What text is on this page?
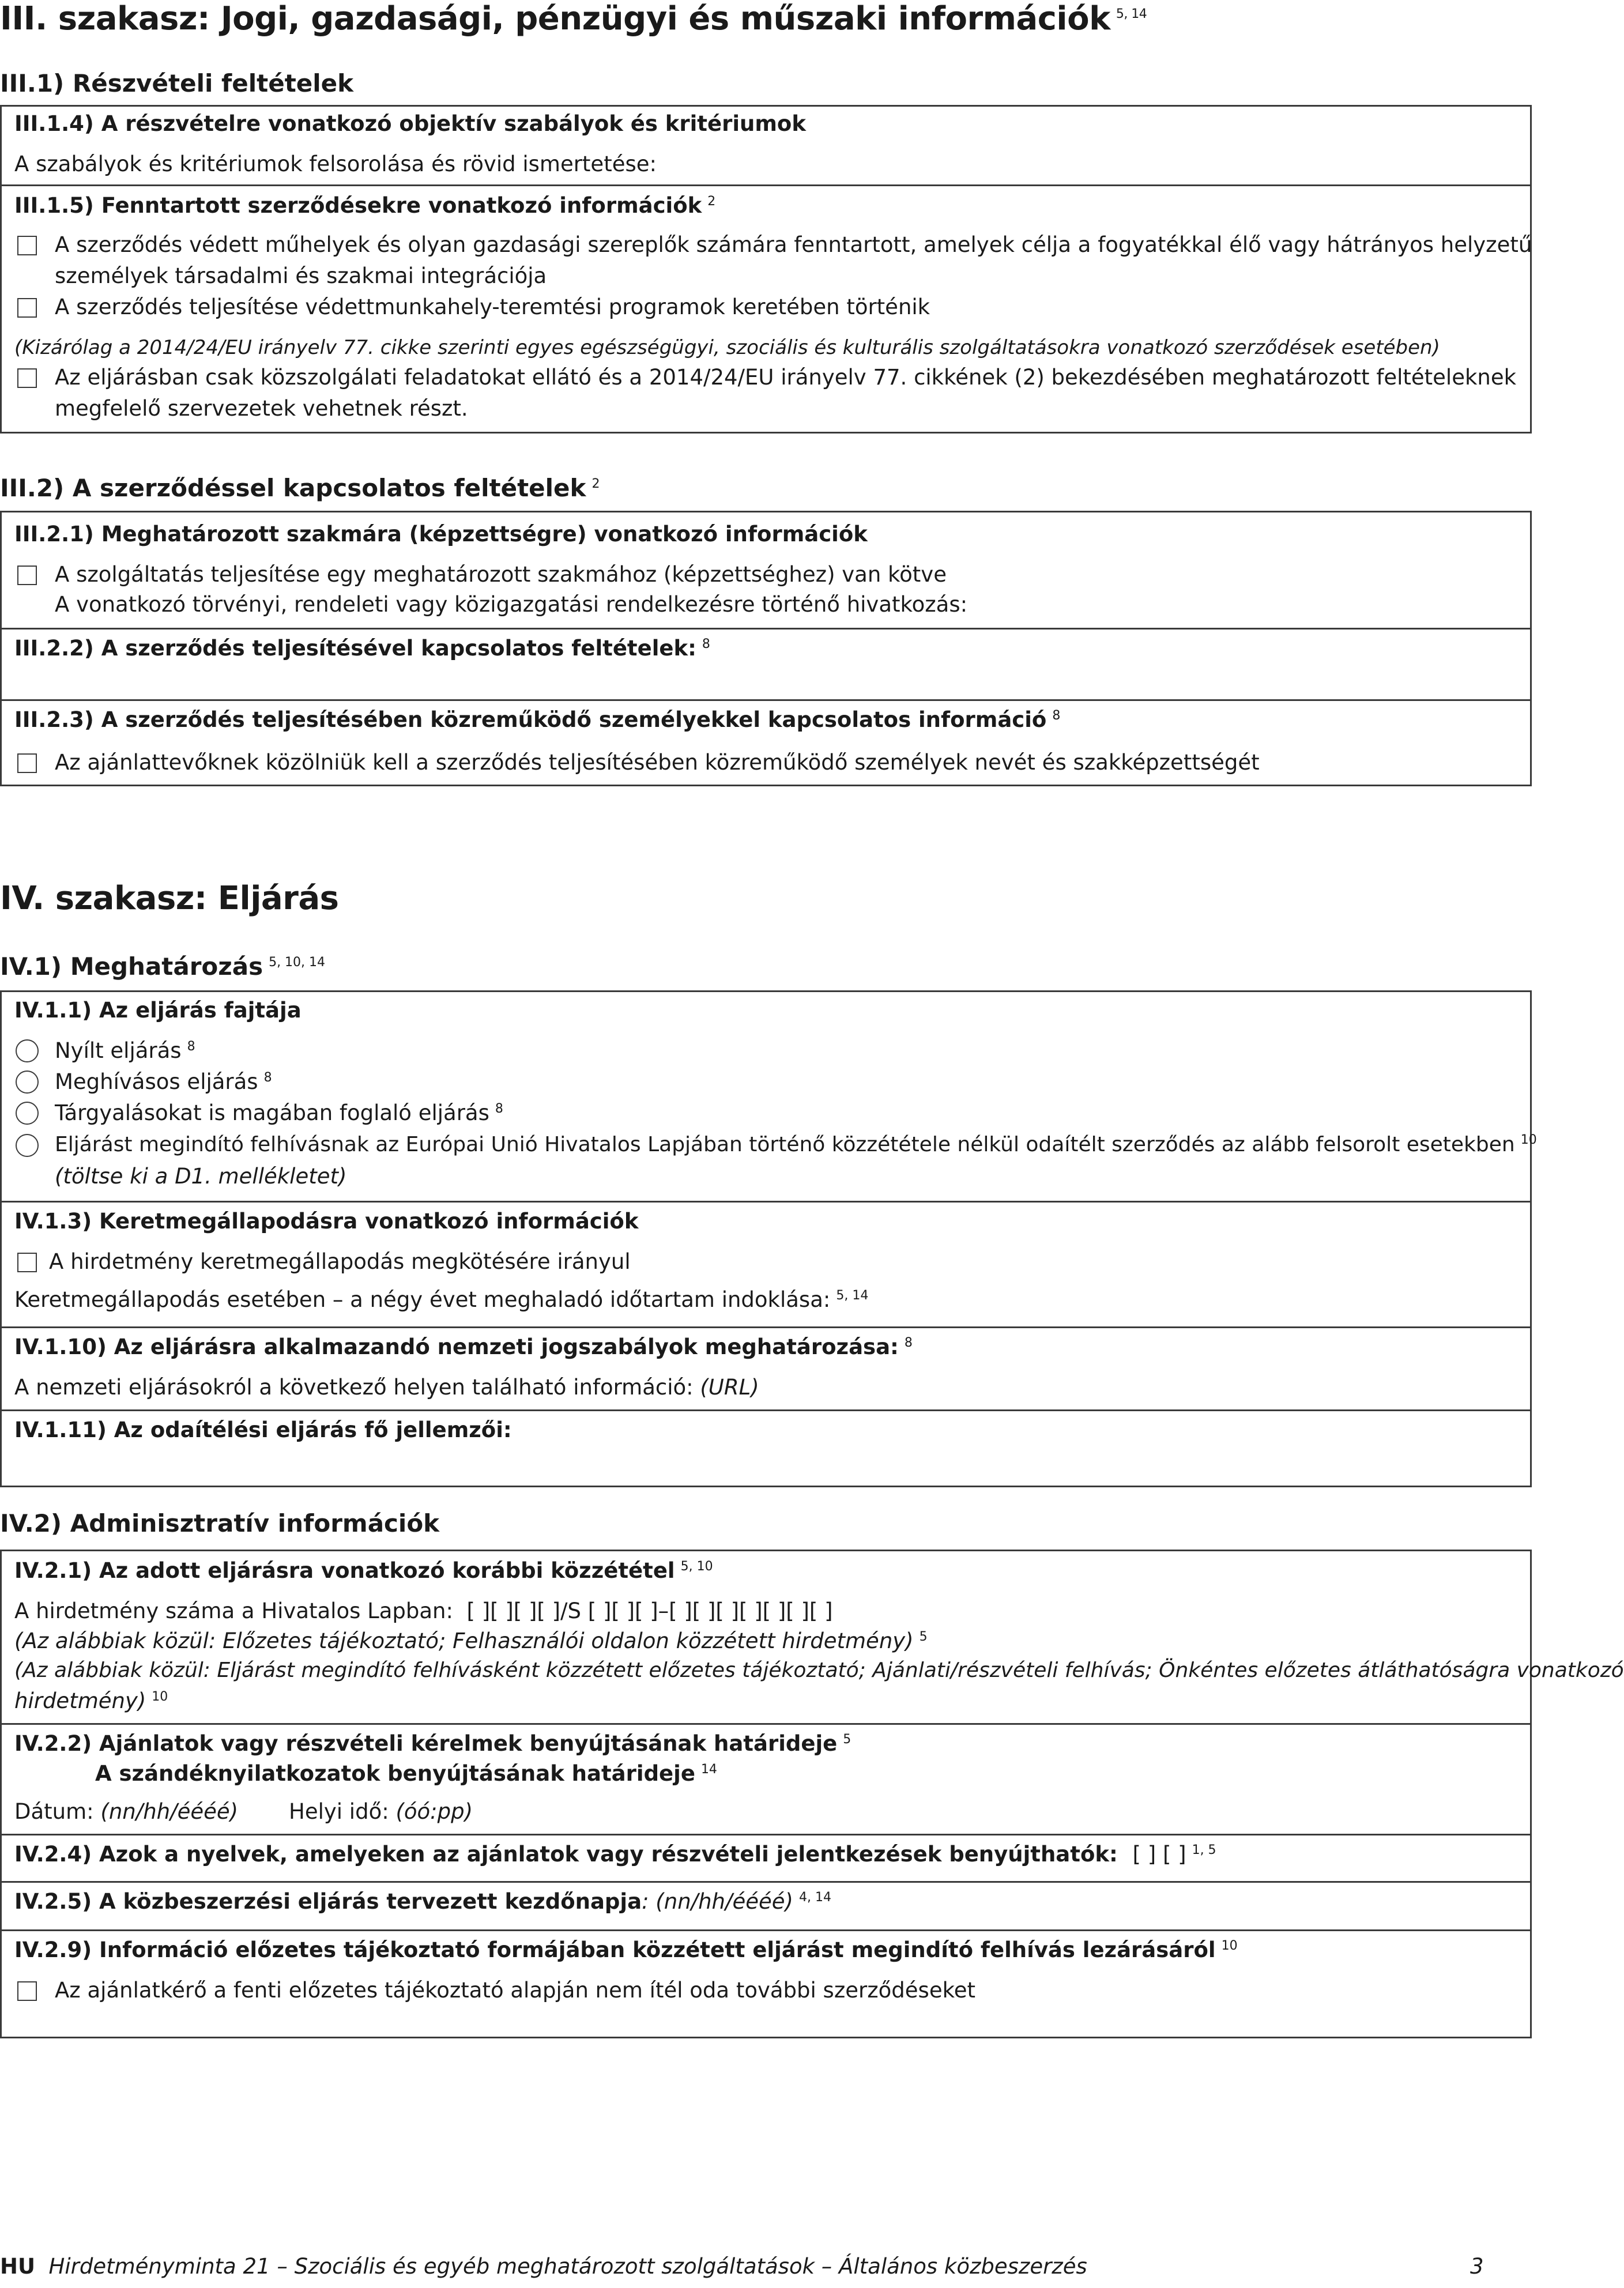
III. szakasz: Jogi, gazdasági, pénzügyi és műszaki információk $^{5, 14}$
III.1) Részvételi feltételek
III.1.4) A részvételre vonatkozó objektív szabályok és kritériumok
A szabályok és kritériumok felsorolása és rövid ismertetése:
III.1.5) Fenntartott szerződésekre vonatkozó információk $^2$
A szerződés védett műhelyek és olyan gazdasági szereplők számára fenntartott, amelyek célja a fogyatékkal élő vagy hátrányos helyzetű
személyek társadalmi és szakmai integrációja
A szerződés teljesítése védettmunkahely-teremtési programok keretében történik
(Kizárólag a 2014/24/EU irányelv 77. cikke szerinti egyes egészségügyi, szociális és kulturális szolgáltatásokra vonatkozó szerződések esetében)
Az eljárásban csak közszolgálati feladatokat ellátó és a 2014/24/EU irányelv 77. cikkének (2) bekezdésében meghatározott feltételeknek
megfelelő szervezetek vehetnek részt.
III.2) A szerződéssel kapcsolatos feltételek $^2$
III.2.1) Meghatározott szakmára (képzettségre) vonatkozó információk
A szolgáltatás teljesítése egy meghatározott szakmához (képzettséghez) van kötve
A vonatkozó törvényi, rendeleti vagy közigazgatási rendelkezésre történő hivatkozás:
III.2.2) A szerződés teljesítésével kapcsolatos feltételek: $^8$
III.2.3) A szerződés teljesítésében közreműködő személyekkel kapcsolatos információ $^8$
Az ajánlattevőknek közölniük kell a szerződés teljesítésében közreműködő személyek nevét és szakképzettségét
IV. szakasz: Eljárás
IV.1) Meghatározás $^{5, 10, 14}$
IV.1.1) Az eljárás fajtája
Nyílt eljárás $^8$
Meghívásos eljárás $^8$
Tárgyalásokat is magában foglaló eljárás $^8$
Eljárást megindító felhívásnak az Európai Unió Hivatalos Lapjában történő közzététele nélkül odaítélt szerződés az alább felsorolt esetekben $^{10}$
(töltse ki a D1. mellékletet)
IV.1.3) Keretmegállapodásra vonatkozó információk
A hirdetmény keretmegállapodás megkötésére irányul
Keretmegállapodás esetében – a négy évet meghaladó időtartam indoklása: $^{5, 14}$
IV.1.10) Az eljárásra alkalmazandó nemzeti jogszabályok meghatározása: $^8$
A nemzeti eljárásokról a következő helyen található információ: (URL)
IV.1.11) Az odaítélési eljárás fő jellemzői:
IV.2) Adminisztratív információk
IV.2.1) Az adott eljárásra vonatkozó korábbi közzététel $^{5, 10}$
A hirdetmény száma a Hivatalos Lapban: [ ][ ][ ][ ]/S [ ][ ][ ]–[ ][ ][ ][ ][ ][ ][ ]
(Az alábbiak közül: Előzetes tájékoztató; Felhasználói oldalon közzétett hirdetmény) $^5$
(Az alábbiak közül: Eljárást megindító felhívásként közzétett előzetes tájékoztató; Ajánlati/részvételi felhívás; Önkéntes előzetes átláthatóságra vonatkozó
hirdetmény) $^{10}$
IV.2.2) Ajánlatok vagy részvételi kérelmek benyújtásának határideje $^5$
A szándéknyilatkozatok benyújtásának határideje $^{14}$
Dátum: (nn/hh/éééé) Helyi idő: (óó:pp)
IV.2.4) Azok a nyelvek, amelyeken az ajánlatok vagy részvételi jelentkezések benyújthatók: [ ] [ ] $^{1, 5}$
IV.2.5) A közbeszerzési eljárás tervezett kezdőnapja: (nn/hh/éééé) $^{4, 14}$
IV.2.9) Információ előzetes tájékoztató formájában közzétett eljárást megindító felhívás lezárásáról $^{10}$
Az ajánlatkérő a fenti előzetes tájékoztató alapján nem ítél oda további szerződéseket
HU Hirdetményminta 21 – Szociális és egyéb meghatározott szolgáltatások – Általános közbeszerzés	3
